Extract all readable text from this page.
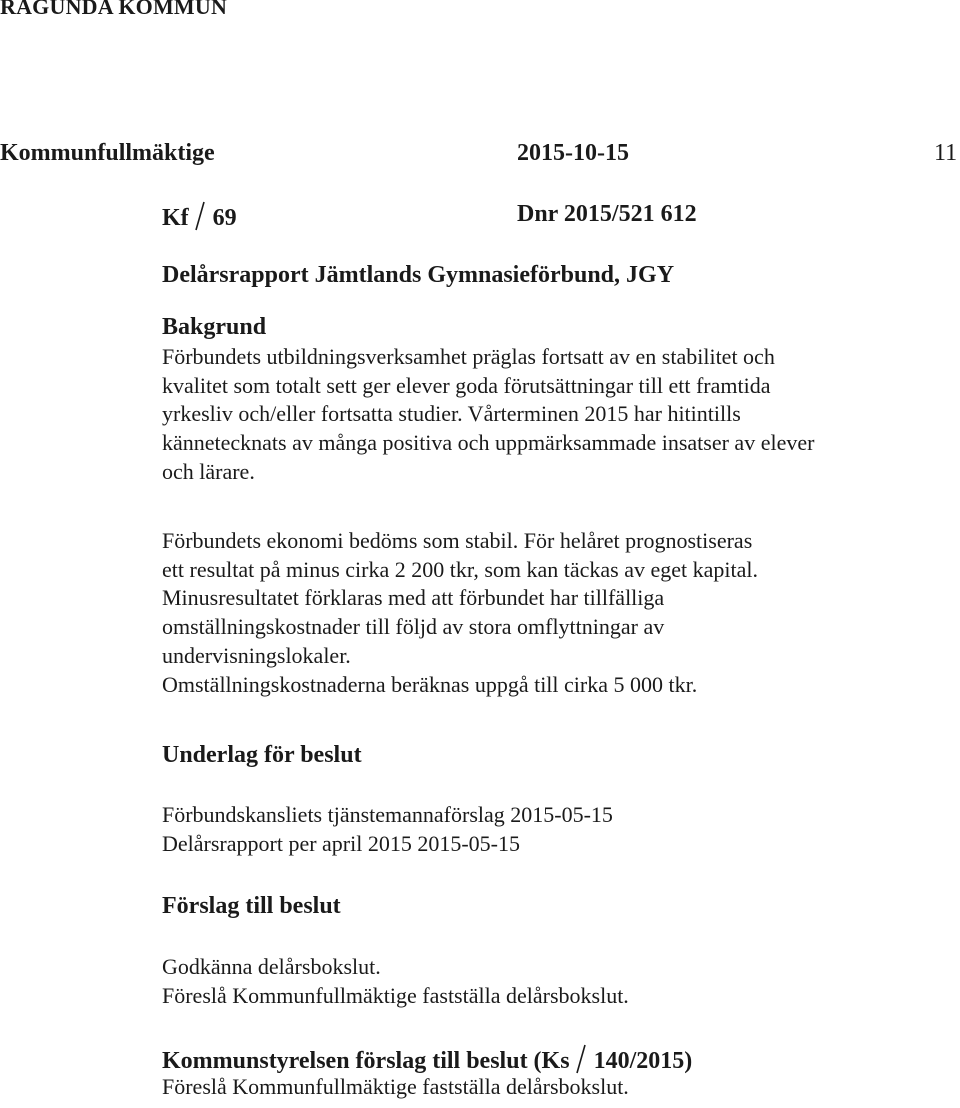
RAGUNDA KOMMUN
Kommunfullmäktige	2015-10-15	11
Kf 69	Dnr 2015/521 612
Delårsrapport Jämtlands Gymnasieförbund, JGY
Bakgrund
Förbundets utbildningsverksamhet präglas fortsatt av en stabilitet och
kvalitet som totalt sett ger elever goda förutsättningar till ett framtida
yrkesliv och/eller fortsatta studier. Vårterminen 2015 har hitintills
kännetecknats av många positiva och uppmärksammade insatser av elever
och lärare.
Förbundets ekonomi bedöms som stabil. För helåret prognostiseras
ett resultat på minus cirka 2 200 tkr, som kan täckas av eget kapital.
Minusresultatet förklaras med att förbundet har tillfälliga
omställningskostnader till följd av stora omflyttningar av
undervisningslokaler.
Omställningskostnaderna beräknas uppgå till cirka 5 000 tkr.
Underlag för beslut
Förbundskansliets tjänstemannaförslag 2015-05-15
Delårsrapport per april 2015 2015-05-15
Förslag till beslut
Godkänna delårsbokslut.
Föreslå Kommunfullmäktige fastställa delårsbokslut.
Kommunstyrelsen förslag till beslut (Ks 140/2015)
Föreslå Kommunfullmäktige fastställa delårsbokslut.
